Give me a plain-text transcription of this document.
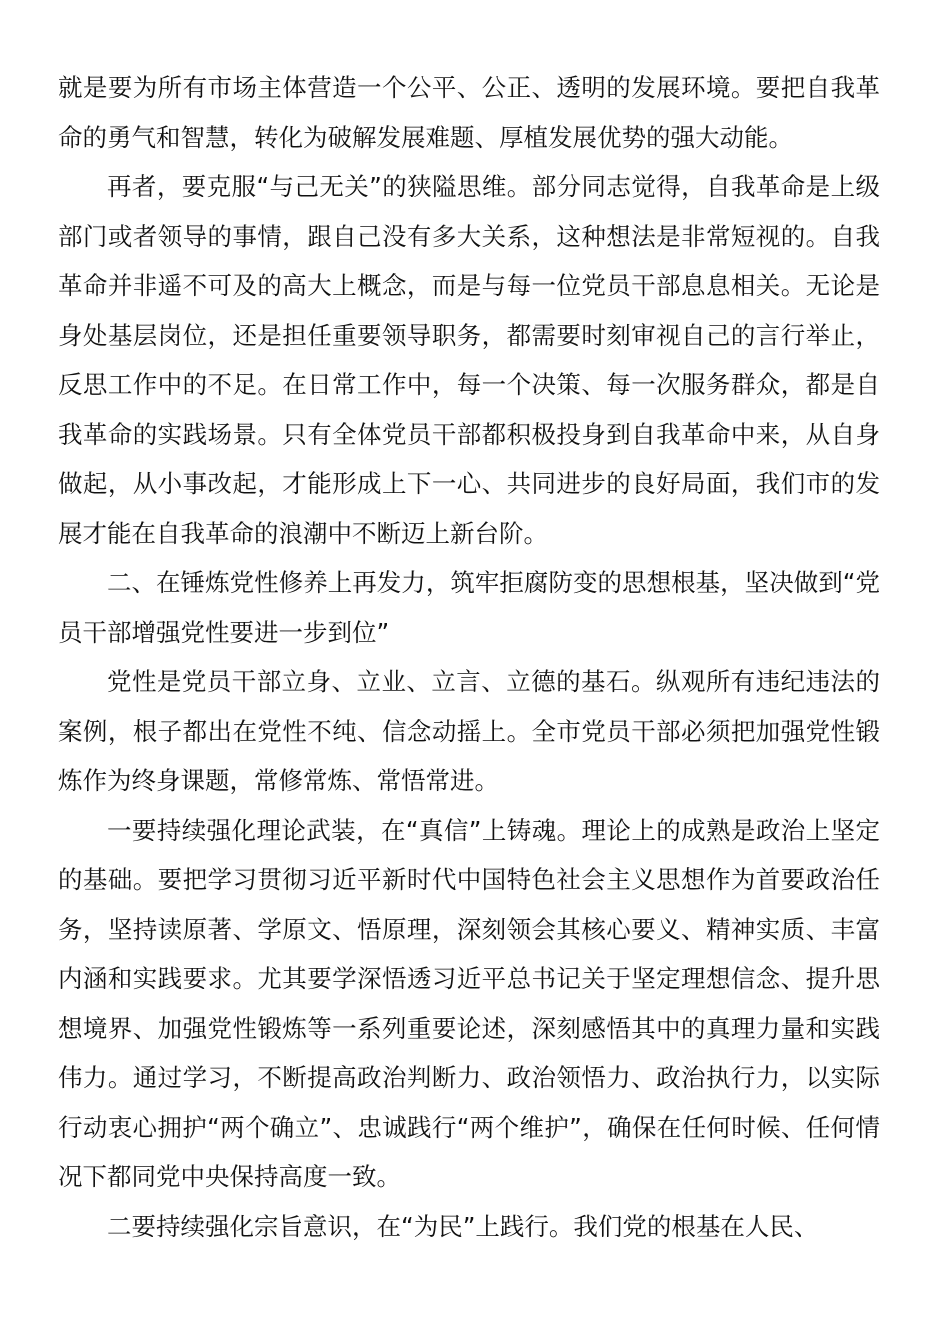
就是要为所有市场主体营造一个公平、公正、透明的发展环境。要把自我革命的勇气和智慧，转化为破解发展难题、厚植发展优势的强大动能。

再者，要克服“与己无关”的狭隘思维。部分同志觉得，自我革命是上级部门或者领导的事情，跟自己没有多大关系，这种想法是非常短视的。自我革命并非遥不可及的高大上概念，而是与每一位党员干部息息相关。无论是身处基层岗位，还是担任重要领导职务，都需要时刻审视自己的言行举止，反思工作中的不足。在日常工作中，每一个决策、每一次服务群众，都是自我革命的实践场景。只有全体党员干部都积极投身到自我革命中来，从自身做起，从小事改起，才能形成上下一心、共同进步的良好局面，我们市的发展才能在自我革命的浪潮中不断迈上新台阶。

二、在锤炼党性修养上再发力，筑牢拒腐防变的思想根基，坚决做到“党员干部增强党性要进一步到位”

党性是党员干部立身、立业、立言、立德的基石。纵观所有违纪违法的案例，根子都出在党性不纯、信念动摇上。全市党员干部必须把加强党性锻炼作为终身课题，常修常炼、常悟常进。

一要持续强化理论武装，在“真信”上铸魂。理论上的成熟是政治上坚定的基础。要把学习贯彻习近平新时代中国特色社会主义思想作为首要政治任务，坚持读原著、学原文、悟原理，深刻领会其核心要义、精神实质、丰富内涵和实践要求。尤其要学深悟透习近平总书记关于坚定理想信念、提升思想境界、加强党性锻炼等一系列重要论述，深刻感悟其中的真理力量和实践伟力。通过学习，不断提高政治判断力、政治领悟力、政治执行力，以实际行动衷心拥护“两个确立”、忠诚践行“两个维护”，确保在任何时候、任何情况下都同党中央保持高度一致。

二要持续强化宗旨意识，在“为民”上践行。我们党的根基在人民、
